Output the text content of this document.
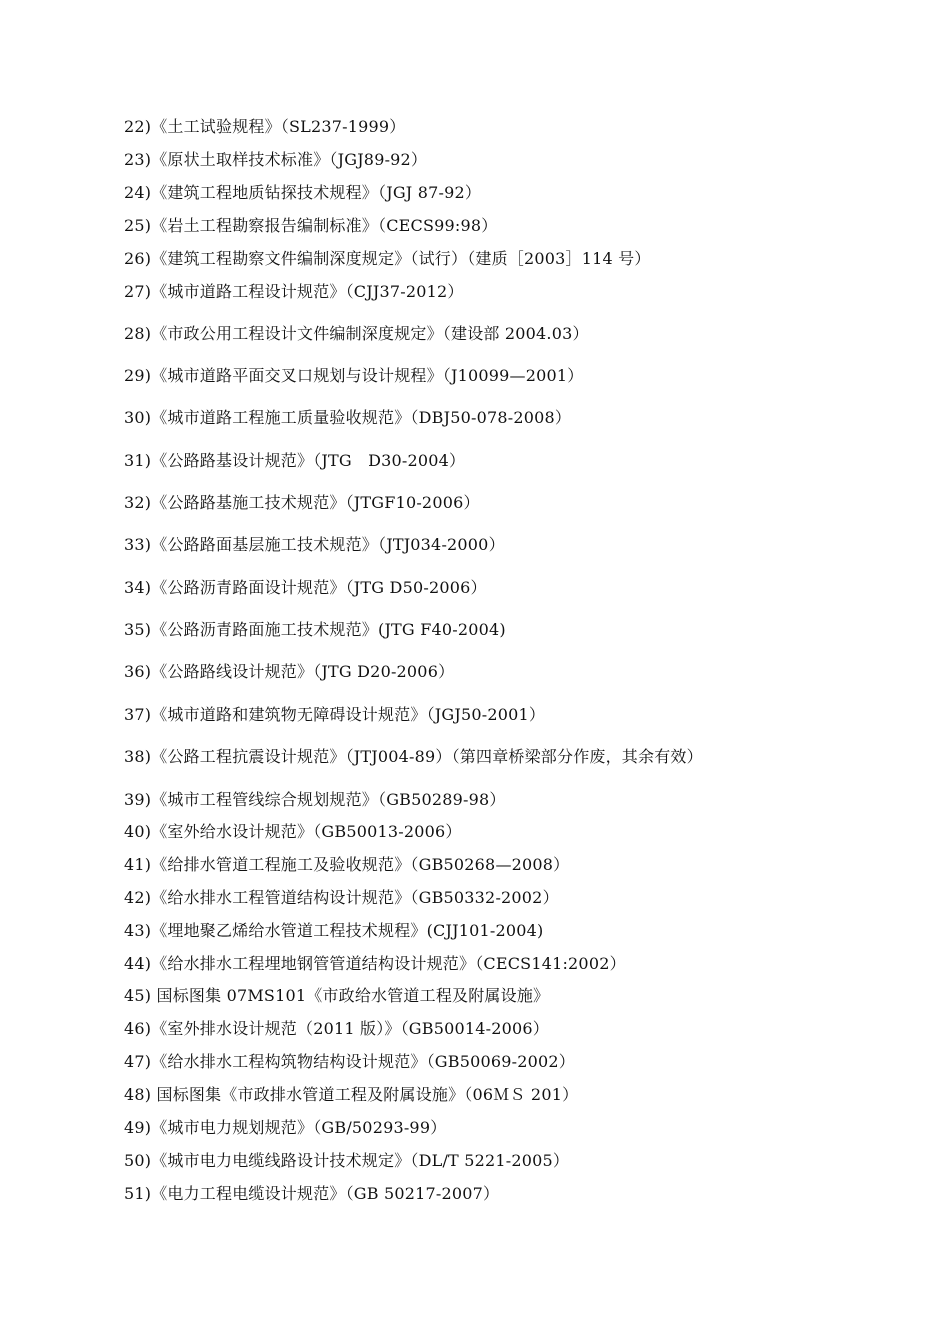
22)《土工试验规程》（SL237-1999）
23)《原状土取样技术标准》（JGJ89-92）
24)《建筑工程地质钻探技术规程》（JGJ 87-92）
25)《岩土工程勘察报告编制标准》（CECS99:98）
26)《建筑工程勘察文件编制深度规定》（试行）（建质［2003］114 号）
27)《城市道路工程设计规范》（CJJ37-2012）
28)《市政公用工程设计文件编制深度规定》（建设部 2004.03）
29)《城市道路平面交叉口规划与设计规程》（J10099—2001）
30)《城市道路工程施工质量验收规范》（DBJ50-078-2008）
31)《公路路基设计规范》（JTG　D30-2004）
32)《公路路基施工技术规范》（JTGF10-2006）
33)《公路路面基层施工技术规范》（JTJ034-2000）
34)《公路沥青路面设计规范》（JTG D50-2006）
35)《公路沥青路面施工技术规范》(JTG F40-2004)
36)《公路路线设计规范》（JTG D20-2006）
37)《城市道路和建筑物无障碍设计规范》（JGJ50-2001）
38)《公路工程抗震设计规范》（JTJ004-89）（第四章桥梁部分作废，其余有效）
39)《城市工程管线综合规划规范》（GB50289-98）
40)《室外给水设计规范》（GB50013-2006）
41)《给排水管道工程施工及验收规范》（GB50268—2008）
42)《给水排水工程管道结构设计规范》（GB50332-2002）
43)《埋地聚乙烯给水管道工程技术规程》(CJJ101-2004)
44)《给水排水工程埋地钢管管道结构设计规范》（CECS141:2002）
45) 国标图集 07MS101《市政给水管道工程及附属设施》
46)《室外排水设计规范（2011 版）》（GB50014-2006）
47)《给水排水工程构筑物结构设计规范》（GB50069-2002）
48) 国标图集《市政排水管道工程及附属设施》（06ＭＳ 201）
49)《城市电力规划规范》（GB/50293-99）
50)《城市电力电缆线路设计技术规定》（DL/T 5221-2005）
51)《电力工程电缆设计规范》（GB 50217-2007）
